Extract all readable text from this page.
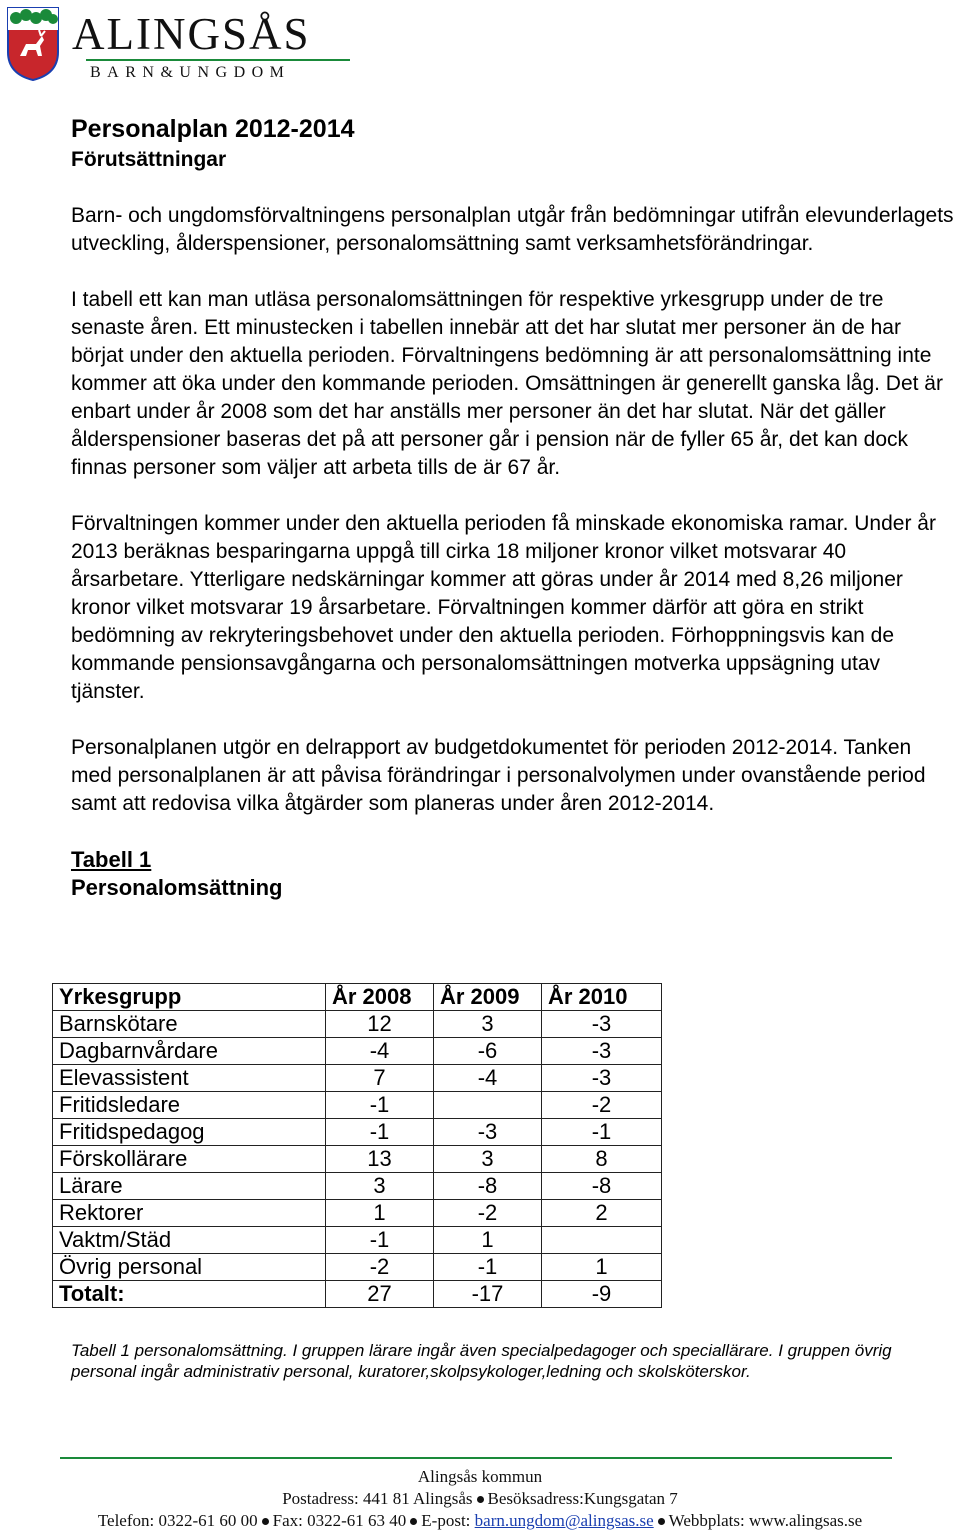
ALINGSÅS
BARN&UNGDOM
Personalplan 2012-2014
Förutsättningar

Barn- och ungdomsförvaltningens personalplan utgår från bedömningar utifrån elevunderlagets utveckling, ålderspensioner, personalomsättning samt verksamhetsförändringar.

I tabell ett kan man utläsa personalomsättningen för respektive yrkesgrupp under de tre senaste åren. Ett minustecken i tabellen innebär att det har slutat mer personer än de har börjat under den aktuella perioden. Förvaltningens bedömning är att personalomsättning inte kommer att öka under den kommande perioden. Omsättningen är generellt ganska låg. Det är enbart under år 2008 som det har anställs mer personer än det har slutat. När det gäller ålderspensioner baseras det på att personer går i pension när de fyller 65 år, det kan dock finnas personer som väljer att arbeta tills de är 67 år.

Förvaltningen kommer under den aktuella perioden få minskade ekonomiska ramar. Under år 2013 beräknas besparingarna uppgå till cirka 18 miljoner kronor vilket motsvarar 40 årsarbetare. Ytterligare nedskärningar kommer att göras under år 2014 med 8,26 miljoner kronor vilket motsvarar 19 årsarbetare. Förvaltningen kommer därför att göra en strikt bedömning av rekryteringsbehovet under den aktuella perioden. Förhoppningsvis kan de kommande pensionsavgångarna och personalomsättningen motverka uppsägning utav tjänster.

Personalplanen utgör en delrapport av budgetdokumentet för perioden 2012-2014. Tanken med personalplanen är att påvisa förändringar i personalvolymen under ovanstående period samt att redovisa vilka åtgärder som planeras under åren 2012-2014.

Tabell 1

Personalomsättning

Yrkesgrupp	År 2008	År 2009	År 2010
Barnskötare	12	3	-3
Dagbarnvårdare	-4	-6	-3
Elevassistent	7	-4	-3
Fritidsledare	-1		-2
Fritidspedagog	-1	-3	-1
Förskollärare	13	3	8
Lärare	3	-8	-8
Rektorer	1	-2	2
Vaktm/Städ	-1	1	
Övrig personal	-2	-1	1
Totalt:	27	-17	-9
Tabell 1 personalomsättning. I gruppen lärare ingår även specialpedagoger och speciallärare. I gruppen övrig personal ingår administrativ personal, kuratorer,skolpsykologer,ledning och skolsköterskor.
Alingsås kommun
Postadress: 441 81 Alingsås Besöksadress:Kungsgatan 7
Telefon: 0322-61 60 00 Fax: 0322-61 63 40 E-post: barn.ungdom@alingsas.se Webbplats: www.alingsas.se
